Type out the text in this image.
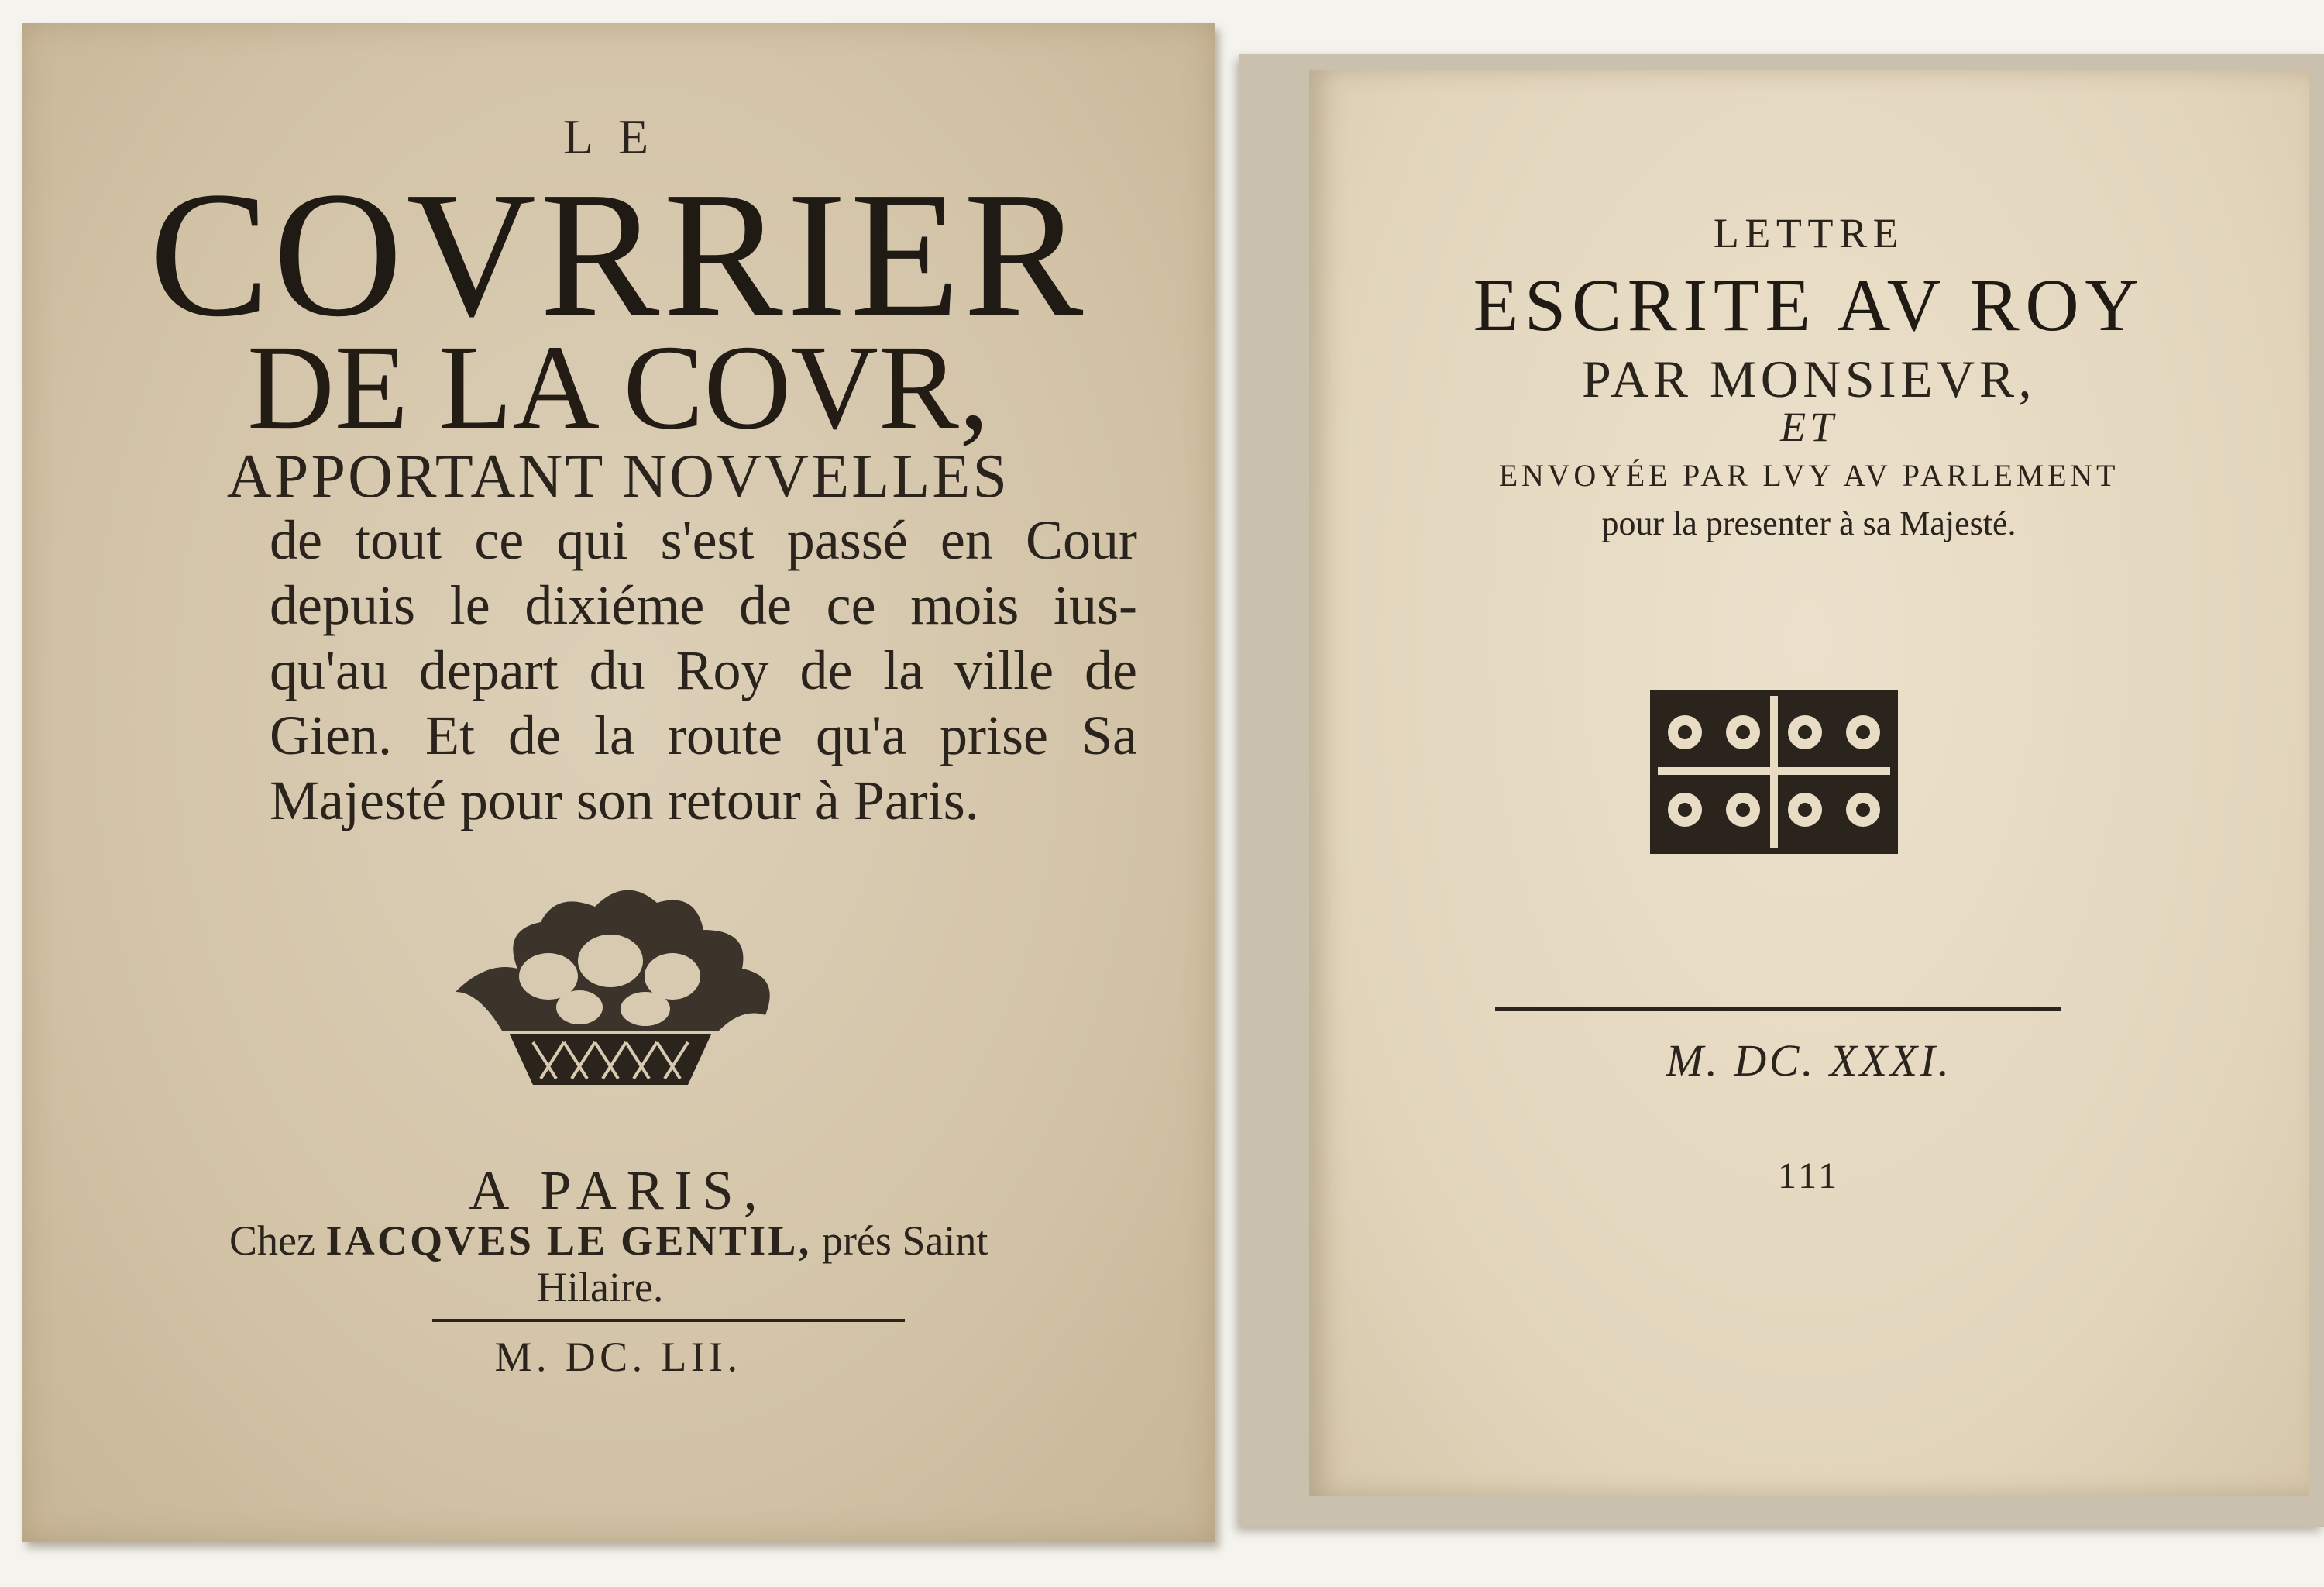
LE
COVRRIER
DE LA COVR,
APPORTANT NOVVELLES
de tout ce qui s'est passé en Cour
depuis le dixiéme de ce mois ius-
qu'au depart du Roy de la ville de
Gien. Et de la route qu'a prise Sa
Majesté pour son retour à Paris.
A PARIS,
Chez IACQVES LE GENTIL, prés Saint
Hilaire.
M. DC. LII.
LETTRE
ESCRITE AV ROY
PAR MONSIEVR,
ET
ENVOYÉE PAR LVY AV PARLEMENT
pour la presenter à sa Majesté.
M. DC. XXXI.
111
